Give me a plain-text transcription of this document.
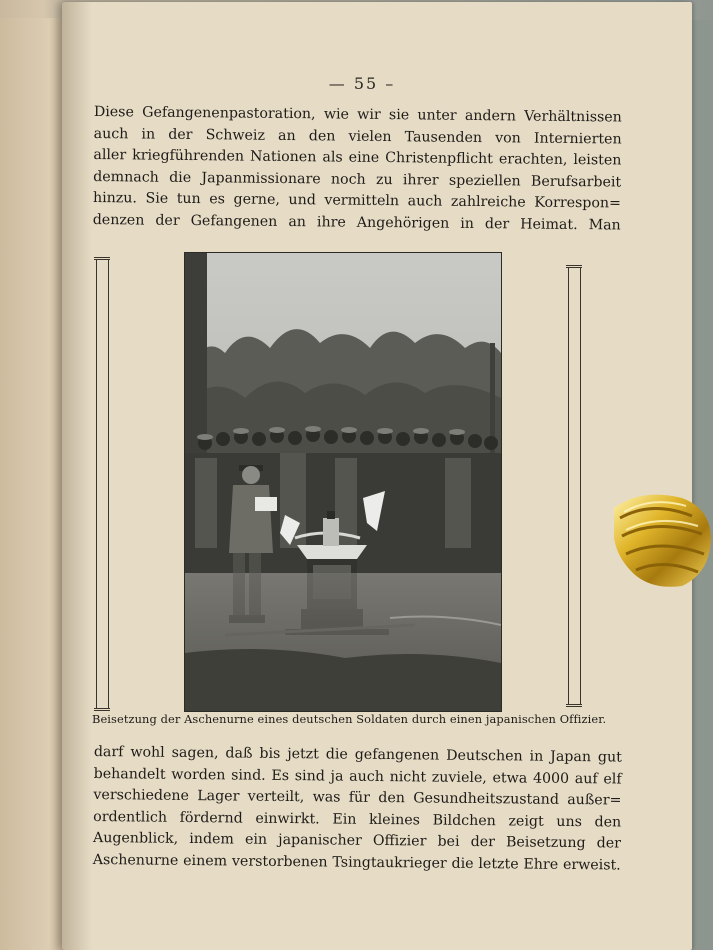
— 55 –
Diese Gefangenenpastoration, wie wir sie unter andern Verhältnissen
auch in der Schweiz an den vielen Tausenden von Internierten
aller kriegführenden Nationen als eine Christenpflicht erachten, leisten
demnach die Japanmissionare noch zu ihrer speziellen Berufsarbeit
hinzu. Sie tun es gerne, und vermitteln auch zahlreiche Korrespon=
denzen der Gefangenen an ihre Angehörigen in der Heimat. Man
Beisetzung der Aschenurne eines deutschen Soldaten durch einen japanischen Offizier.
darf wohl sagen, daß bis jetzt die gefangenen Deutschen in Japan gut
behandelt worden sind. Es sind ja auch nicht zuviele, etwa 4000 auf elf
verschiedene Lager verteilt, was für den Gesundheitszustand außer=
ordentlich fördernd einwirkt. Ein kleines Bildchen zeigt uns den
Augenblick, indem ein japanischer Offizier bei der Beisetzung der
Aschenurne einem verstorbenen Tsingtaukrieger die letzte Ehre erweist.
